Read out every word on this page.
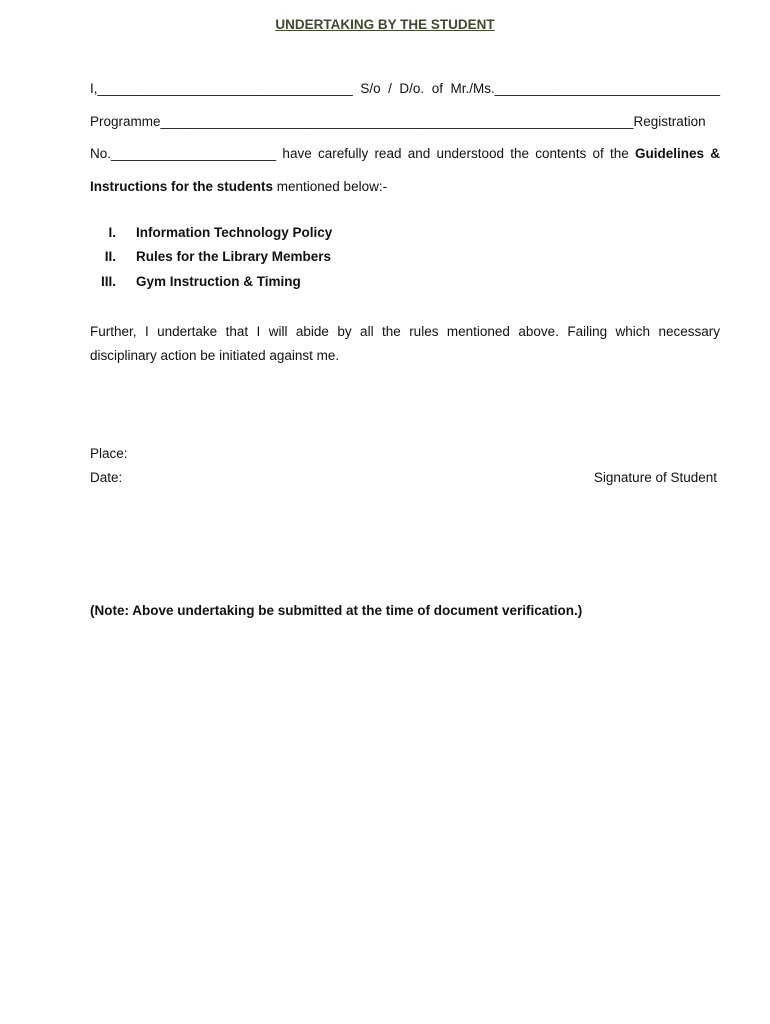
UNDERTAKING BY THE STUDENT
I,__________________________________ S/o / D/o. of Mr./Ms.______________________________
Programme_______________________________________________________________Registration
No.______________________ have carefully read and understood the contents of the Guidelines &
Instructions for the students mentioned below:-
I. Information Technology Policy
II. Rules for the Library Members
III. Gym Instruction & Timing
Further, I undertake that I will abide by all the rules mentioned above. Failing which necessary
disciplinary action be initiated against me.
Place:
Date:	Signature of Student
(Note: Above undertaking be submitted at the time of document verification.)
